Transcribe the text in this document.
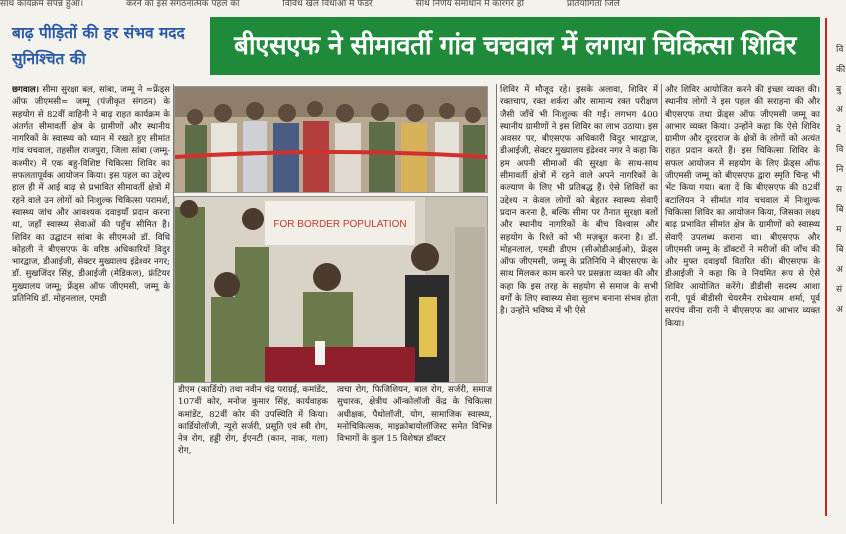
साथ कार्यक्रम संपन्न हुआ।	करने का इस संगठनात्मक पहल का	विविध खेल विधाओं में फेडर	साथ निर्णय समाधान में कारगर हो	प्रतियोगिता जिले
बाढ़ पीड़ितों की हर संभव मदद सुनिश्चित की	बीएसएफ ने सीमावर्ती गांव चचवाल में लगाया चिकित्सा शिविर
छगवाल। सीमा सुरक्षा बल, सांबा, जम्मू ने ≈फ्रेंड्स ऑफ जीएमसी≈ जम्मू (पंजीकृत संगठन) के सहयोग से 82वीं वाहिनी ने बाढ़ राहत कार्यक्रम के अंतर्गत सीमावर्ती क्षेत्र के ग्रामीणों और स्थानीय नागरिकों के स्वास्थ्य को ध्यान में रखते हुए सीमांत गांव चचवाल, तहसील राजपुरा, जिला सांबा (जम्मू-कश्मीर) में एक बहु-विशिष्ट चिकित्सा शिविर का सफलतापूर्वक आयोजन किया। इस पहल का उद्देश्य हाल ही में आई बाढ़ से प्रभावित सीमावर्ती क्षेत्रों में रहने वाले उन लोगों को निःशुल्क चिकित्सा परामर्श, स्वास्थ्य जांच और आवश्यक दवाइयाँ प्रदान करना था, जहाँ स्वास्थ्य सेवाओं की पहुँच सीमित है। शिविर का उद्घाटन सांबा के सीएमओ डॉ. विधि कोहली ने बीएसएफ के वरिष्ठ अधिकारियों विदुर भारद्वाज, डीआईजी, सेक्टर मुख्यालय इंद्रेश्वर नगर; डॉ. सुखजिंदर सिंह, डीआईजी (मेडिकल), फ्रंटियर मुख्यालय जम्मू; फ्रेंड्स ऑफ जीएमसी, जम्मू के प्रतिनिधि डॉ. मोहनलाल, एमडी
FOR BORDER POPULATION
डीएम (कार्डियो) तथा नवीन चंद्र पराग्रई, कमांडेंट, 107वीं कोर, मनोज कुमार सिंह, कार्यवाहक कमांडेंट, 82वीं कोर की उपस्थिति में किया। कार्डियोलॉजी, न्यूरो सर्जरी, प्रसूति एवं स्त्री रोग, नेत्र रोग, हड्डी रोग, ईएनटी (कान, नाक, गला) रोग,
त्वचा रोग, फिजिशियन, बाल रोग, सर्जरी, समाज सुधारक, क्षेत्रीय ऑन्कोलॉजी केंद्र के चिकित्सा अधीक्षक, पैथोलॉजी, योग, सामाजिक स्वास्थ्य, मनोचिकित्सक, माइक्रोबायोलॉजिस्ट समेत विभिन्न विभागों के कुल 15 विशेषज्ञ डॉक्टर
शिविर में मौजूद रहे। इसके अलावा, शिविर में रक्तचाप, रक्त शर्करा और सामान्य रक्त परीक्षण जैसी जाँचें भी निःशुल्क की गईं। लगभग 400 स्थानीय ग्रामीणों ने इस शिविर का लाभ उठाया। इस अवसर पर, बीएसएफ अधिकारी विदुर भारद्वाज, डीआईजी, सेक्टर मुख्यालय इंद्रेश्वर नगर ने कहा कि हम अपनी सीमाओं की सुरक्षा के साथ-साथ सीमावर्ती क्षेत्रों में रहने वाले अपने नागरिकों के कल्याण के लिए भी प्रतिबद्ध हैं। ऐसे शिविरों का उद्देश्य न केवल लोगों को बेहतर स्वास्थ्य सेवाएँ प्रदान करना है, बल्कि सीमा पर तैनात सुरक्षा बलों और स्थानीय नागरिकों के बीच विश्वास और सहयोग के रिश्ते को भी मज़बूत करना है। डॉ. मोहनलाल, एमडी डीएम (सीओडीआईओ), फ्रेंड्स ऑफ जीएमसी, जम्मू के प्रतिनिधि ने बीएसएफ के साथ मिलकर काम करने पर प्रसन्नता व्यक्त की और कहा कि इस तरह के सहयोग से समाज के सभी वर्गों के लिए स्वास्थ्य सेवा सुलभ बनाना संभव होता है। उन्होंने भविष्य में भी ऐसे
और शिविर आयोजित करने की इच्छा व्यक्त की। स्थानीय लोगों ने इस पहल की सराहना की और बीएसएफ तथा फ्रेंड्स ऑफ जीएमसी जम्मू का आभार व्यक्त किया। उन्होंने कहा कि ऐसे शिविर ग्रामीण और दूरदराज के क्षेत्रों के लोगों को अत्यंत राहत प्रदान करते हैं। इस चिकित्सा शिविर के सफल आयोजन में सहयोग के लिए फ्रेंड्स ऑफ जीएमसी जम्मू को बीएसएफ द्वारा स्मृति चिन्ह भी भेंट किया गया। बता दें कि बीएसएफ की 82वीं बटालियन ने सीमांत गांव चचवाल में निःशुल्क चिकित्सा शिविर का आयोजन किया, जिसका लक्ष्य बाढ़ प्रभावित सीमांत क्षेत्र के ग्रामीणों को स्वास्थ्य सेवाएँ उपलब्ध कराना था। बीएसएफ और जीएमसी जम्मू के डॉक्टरों ने मरीजों की जाँच की और मुफ्त दवाइयाँ वितरित कीं। बीएसएफ के डीआईजी ने कहा कि वे नियमित रूप से ऐसे शिविर आयोजित करेंगे। डीडीसी सदस्य आशा रानी, पूर्व बीडीसी चेयरमैन राधेश्याम शर्मा, पूर्व सरपंच वीना रानी ने बीएसएफ का आभार व्यक्त किया।
वि
की
बु
अ
दे
वि
नि
स
बि
म
बि
अ
सं
अ
